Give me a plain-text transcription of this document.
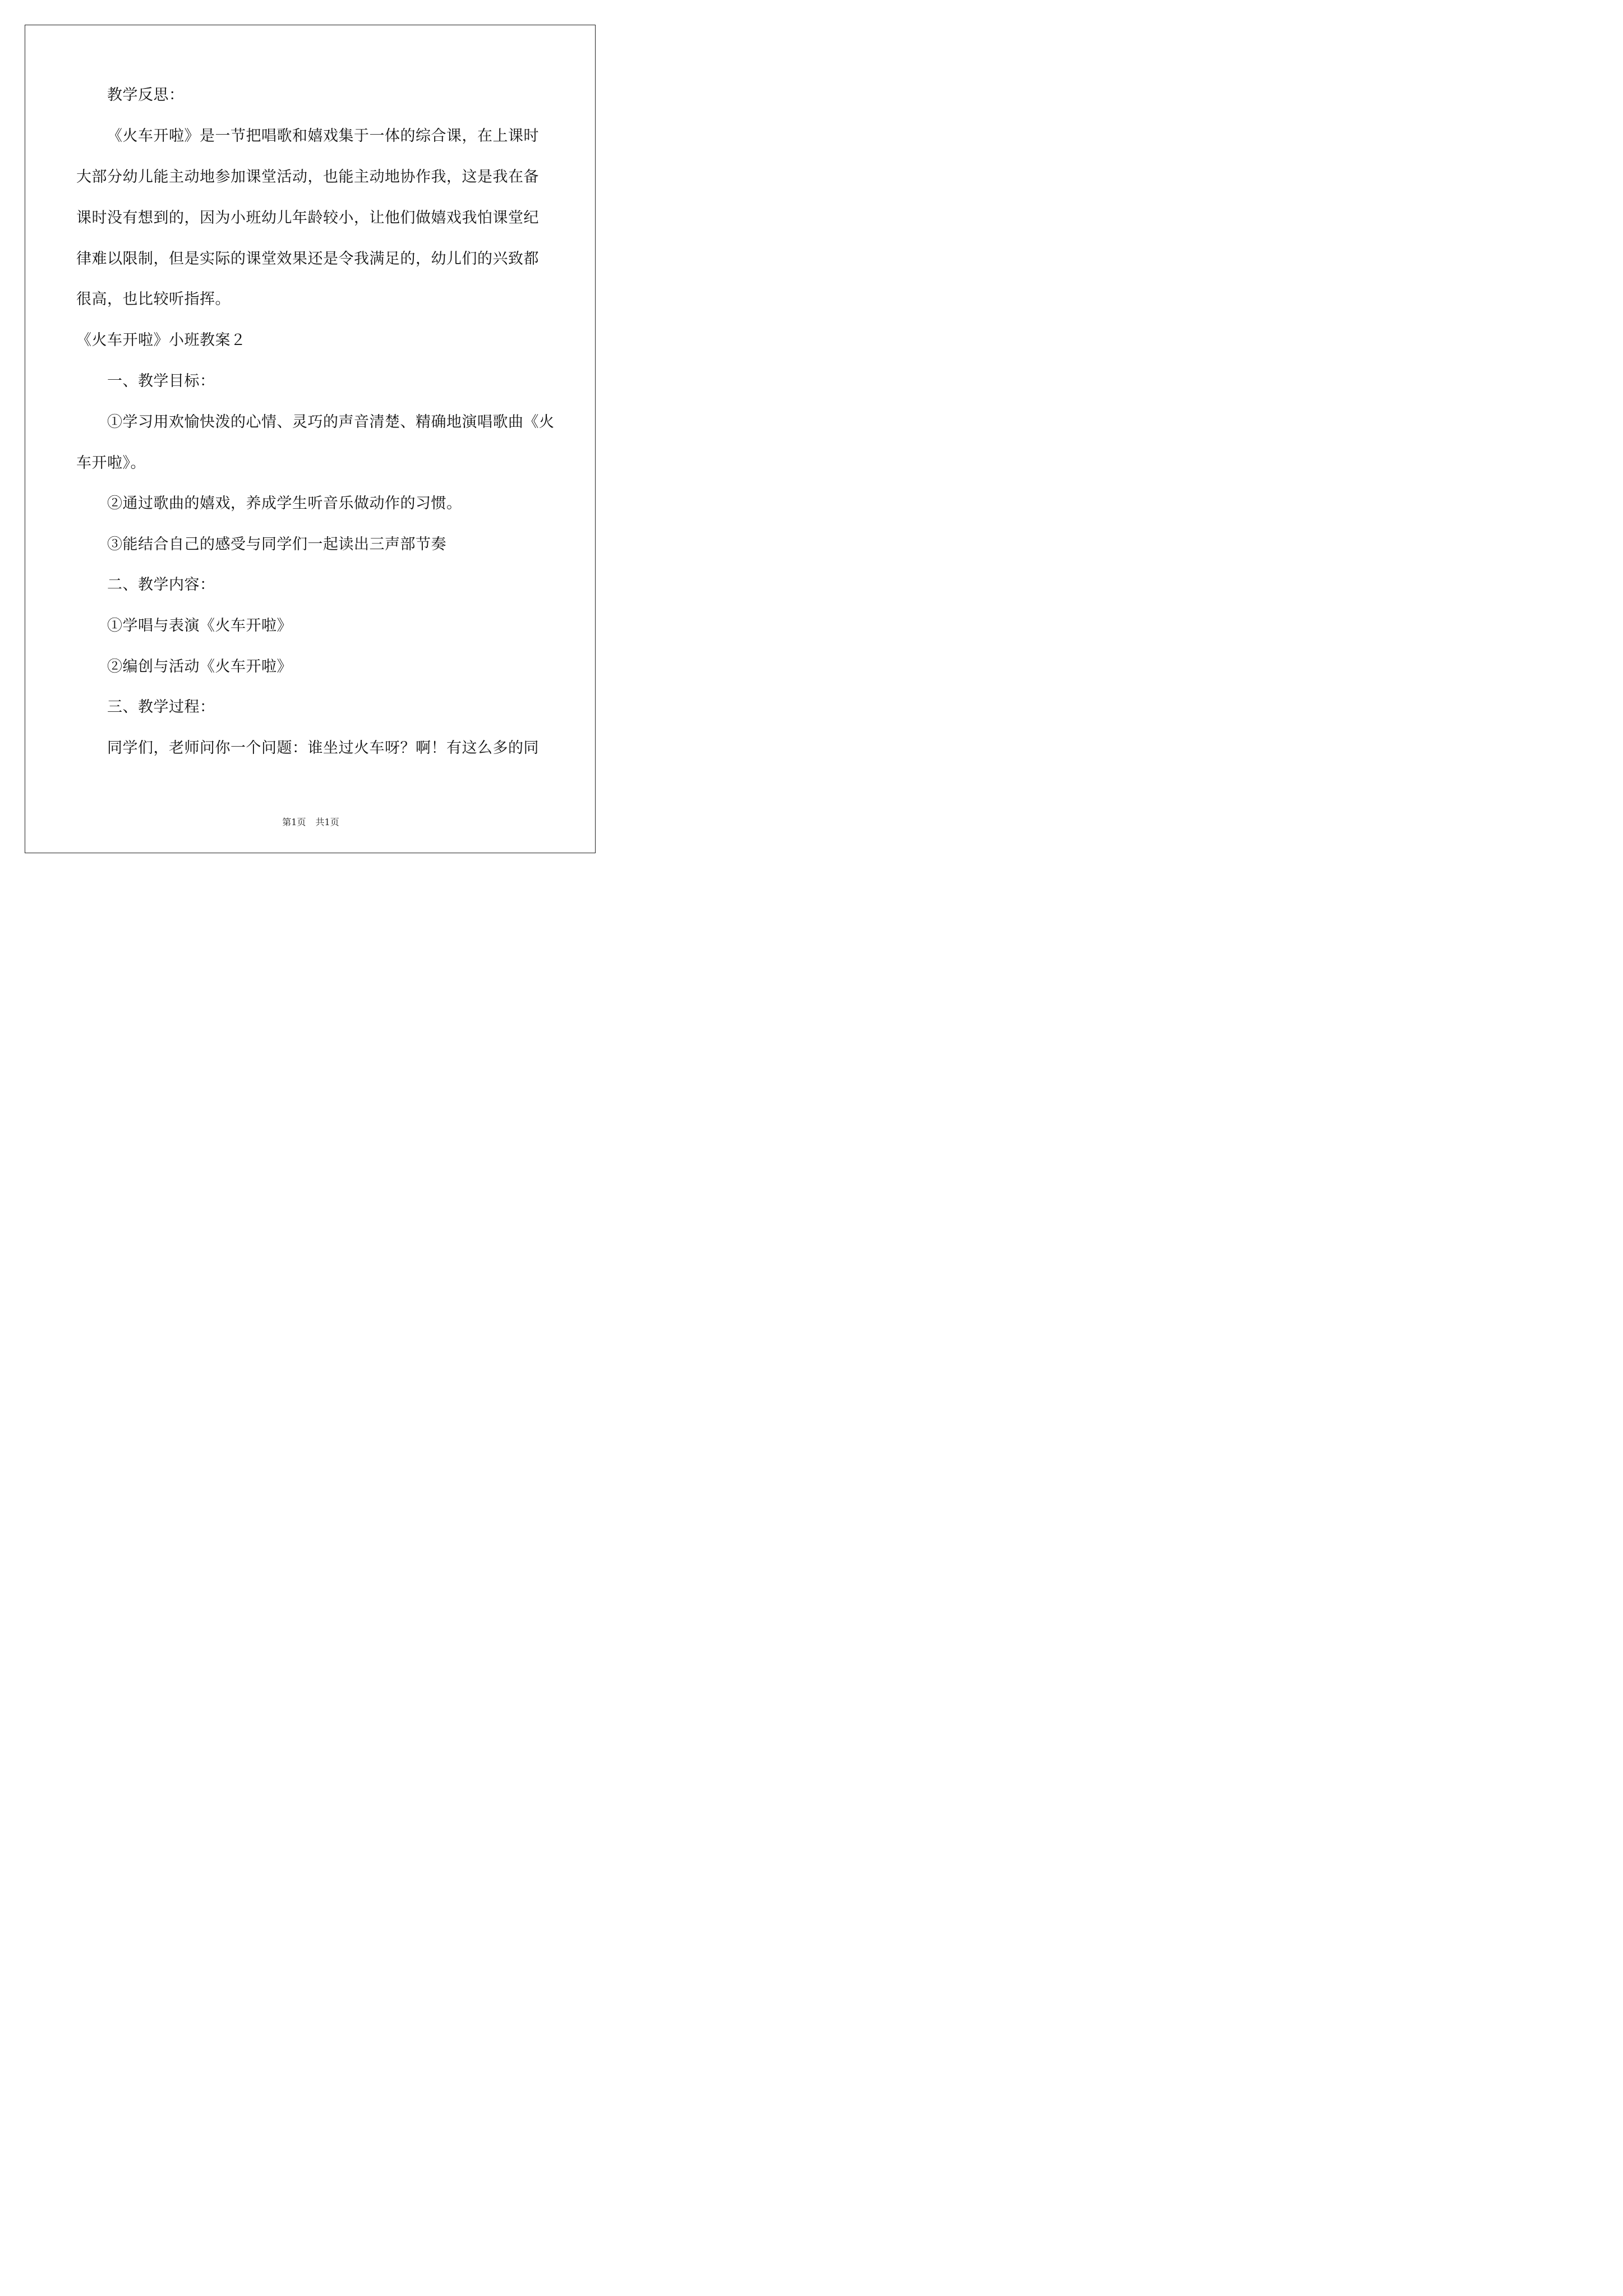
教学反思：
《火车开啦》是一节把唱歌和嬉戏集于一体的综合课，在上课时
大部分幼儿能主动地参加课堂活动，也能主动地协作我，这是我在备
课时没有想到的，因为小班幼儿年龄较小，让他们做嬉戏我怕课堂纪
律难以限制，但是实际的课堂效果还是令我满足的，幼儿们的兴致都
很高，也比较听指挥。
《火车开啦》小班教案２
一、教学目标：
①学习用欢愉快泼的心情、灵巧的声音清楚、精确地演唱歌曲《火
车开啦》。
②通过歌曲的嬉戏，养成学生听音乐做动作的习惯。
③能结合自己的感受与同学们一起读出三声部节奏
二、教学内容：
①学唱与表演《火车开啦》
②编创与活动《火车开啦》
三、教学过程：
同学们，老师问你一个问题：谁坐过火车呀？啊！有这么多的同
第1页 共1页
